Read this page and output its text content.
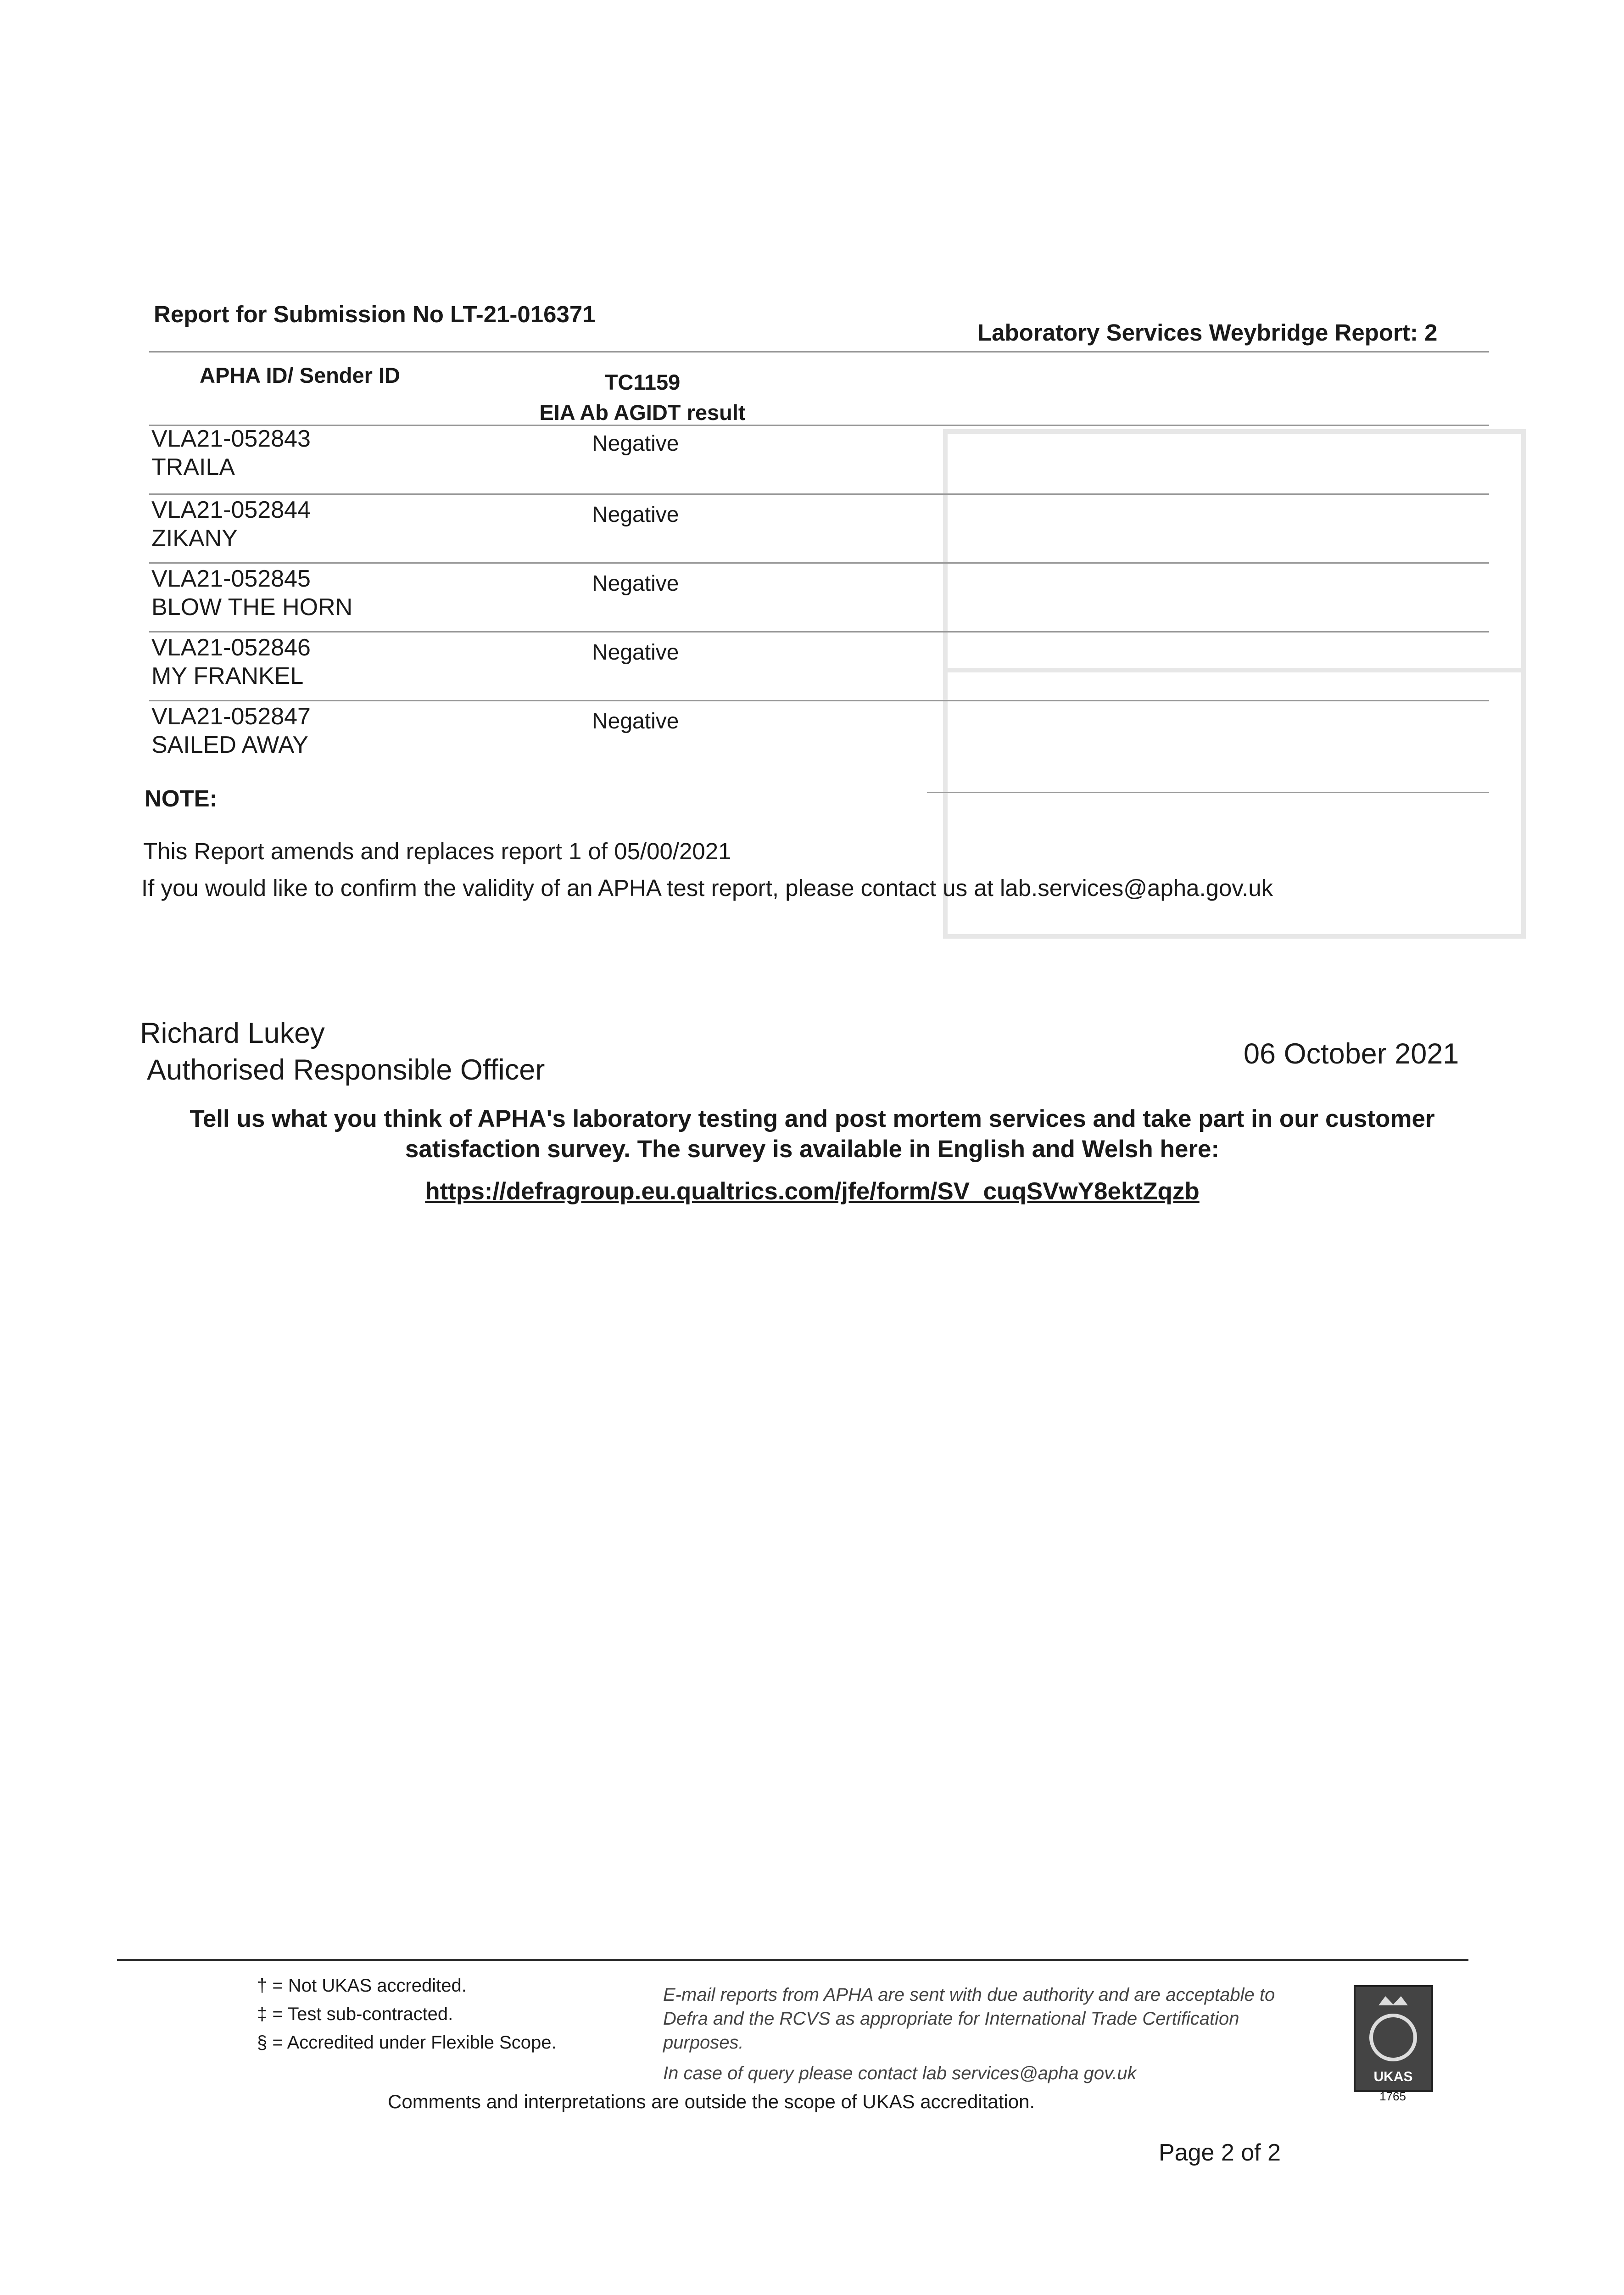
Report for Submission No LT-21-016371
Laboratory Services Weybridge Report: 2
APHA ID/ Sender ID	TC1159
EIA Ab AGIDT result
VLA21-052843
TRAILA
Negative
VLA21-052844
ZIKANY
Negative
VLA21-052845
BLOW THE HORN
Negative
VLA21-052846
MY FRANKEL
Negative
VLA21-052847
SAILED AWAY
Negative
NOTE:
This Report amends and replaces report 1 of 05/00/2021
If you would like to confirm the validity of an APHA test report, please contact us at lab.services@apha.gov.uk
Richard Lukey
Authorised Responsible Officer	06 October 2021
Tell us what you think of APHA's laboratory testing and post mortem services and take part in our customer satisfaction survey. The survey is available in English and Welsh here:
https://defragroup.eu.qualtrics.com/jfe/form/SV_cuqSVwY8ektZqzb
† = Not UKAS accredited.
‡ = Test sub-contracted.
§ = Accredited under Flexible Scope.
E-mail reports from APHA are sent with due authority and are acceptable to Defra and the RCVS as appropriate for International Trade Certification purposes.
In case of query please contact lab services@apha gov.uk
Comments and interpretations are outside the scope of UKAS accreditation.
UKAS
1765
Page 2 of 2
